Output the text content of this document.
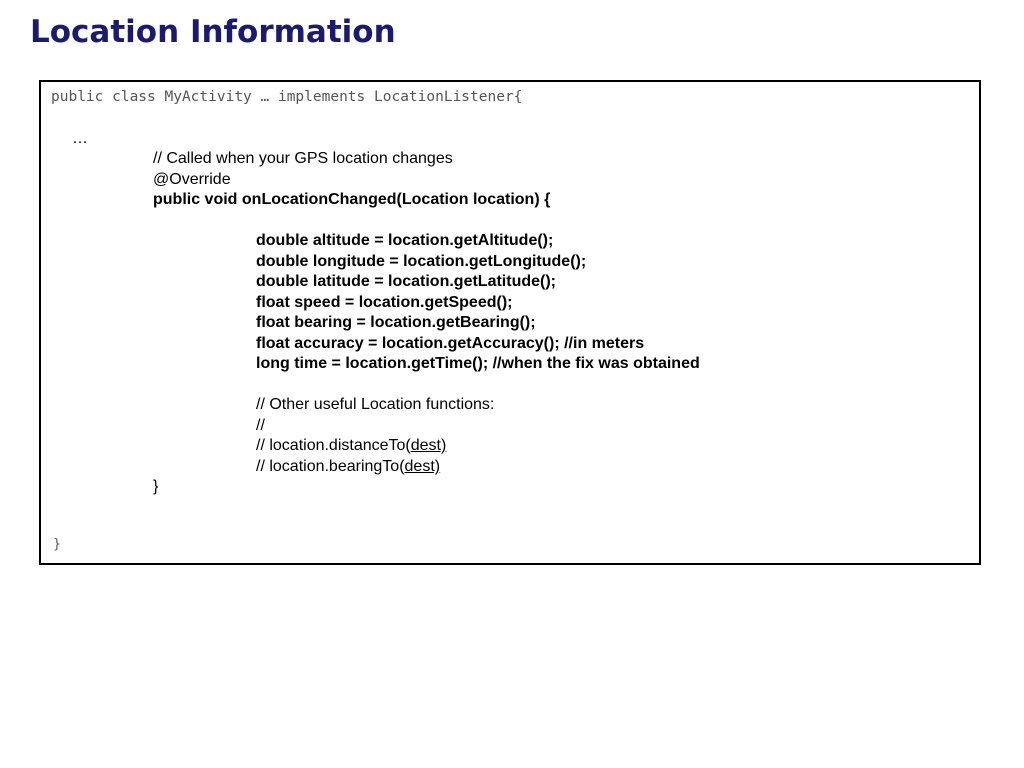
Location Information
public class MyActivity … implements LocationListener{
…
// Called when your GPS location changes
@Override
public void onLocationChanged(Location location) {
double altitude = location.getAltitude();
double longitude = location.getLongitude();
double latitude = location.getLatitude();
float speed = location.getSpeed();
float bearing = location.getBearing();
float accuracy = location.getAccuracy(); //in meters
long time = location.getTime(); //when the fix was obtained
// Other useful Location functions:
//
// location.distanceTo(dest)
// location.bearingTo(dest)
}
}
